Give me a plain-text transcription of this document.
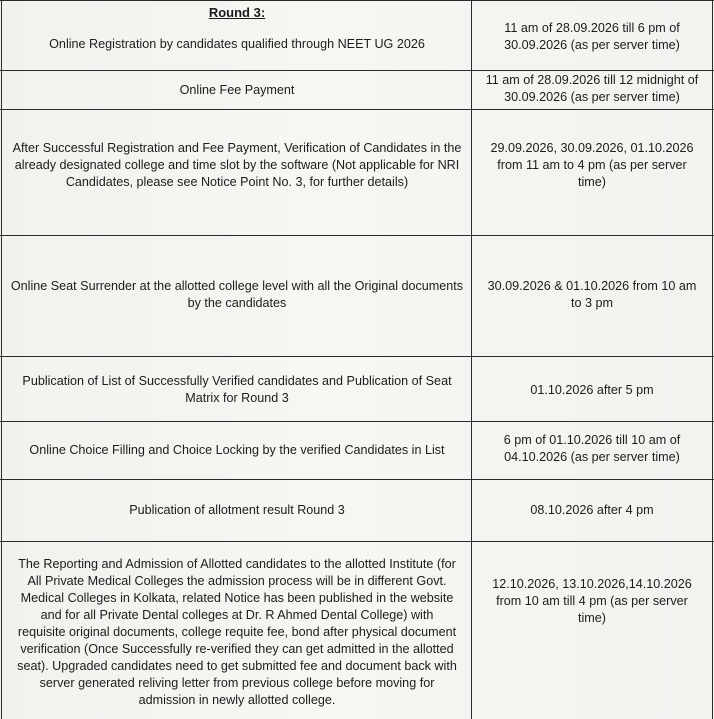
Round 3:
Online Registration by candidates qualified through NEET UG 2026
11 am of 28.09.2026 till 6 pm of 30.09.2026 (as per server time)
Online Fee Payment
11 am of 28.09.2026 till 12 midnight of 30.09.2026 (as per server time)
After Successful Registration and Fee Payment, Verification of Candidates in the already designated college and time slot by the software (Not applicable for NRI Candidates, please see Notice Point No. 3, for further details)
29.09.2026, 30.09.2026, 01.10.2026 from 11 am to 4 pm (as per server time)
Online Seat Surrender at the allotted college level with all the Original documents by the candidates
30.09.2026 & 01.10.2026 from 10 am to 3 pm
Publication of List of Successfully Verified candidates and Publication of Seat Matrix for Round 3
01.10.2026 after 5 pm
Online Choice Filling and Choice Locking by the verified Candidates in List
6 pm of 01.10.2026 till 10 am of 04.10.2026 (as per server time)
Publication of allotment result Round 3	08.10.2026 after 4 pm
The Reporting and Admission of Allotted candidates to the allotted Institute (for All Private Medical Colleges the admission process will be in different Govt. Medical Colleges in Kolkata, related Notice has been published in the website and for all Private Dental colleges at Dr. R Ahmed Dental College) with requisite original documents, college requite fee, bond after physical document verification (Once Successfully re-verified they can get admitted in the allotted seat). Upgraded candidates need to get submitted fee and document back with server generated reliving letter from previous college before moving for admission in newly allotted college.
12.10.2026, 13.10.2026,14.10.2026 from 10 am till 4 pm (as per server time)
